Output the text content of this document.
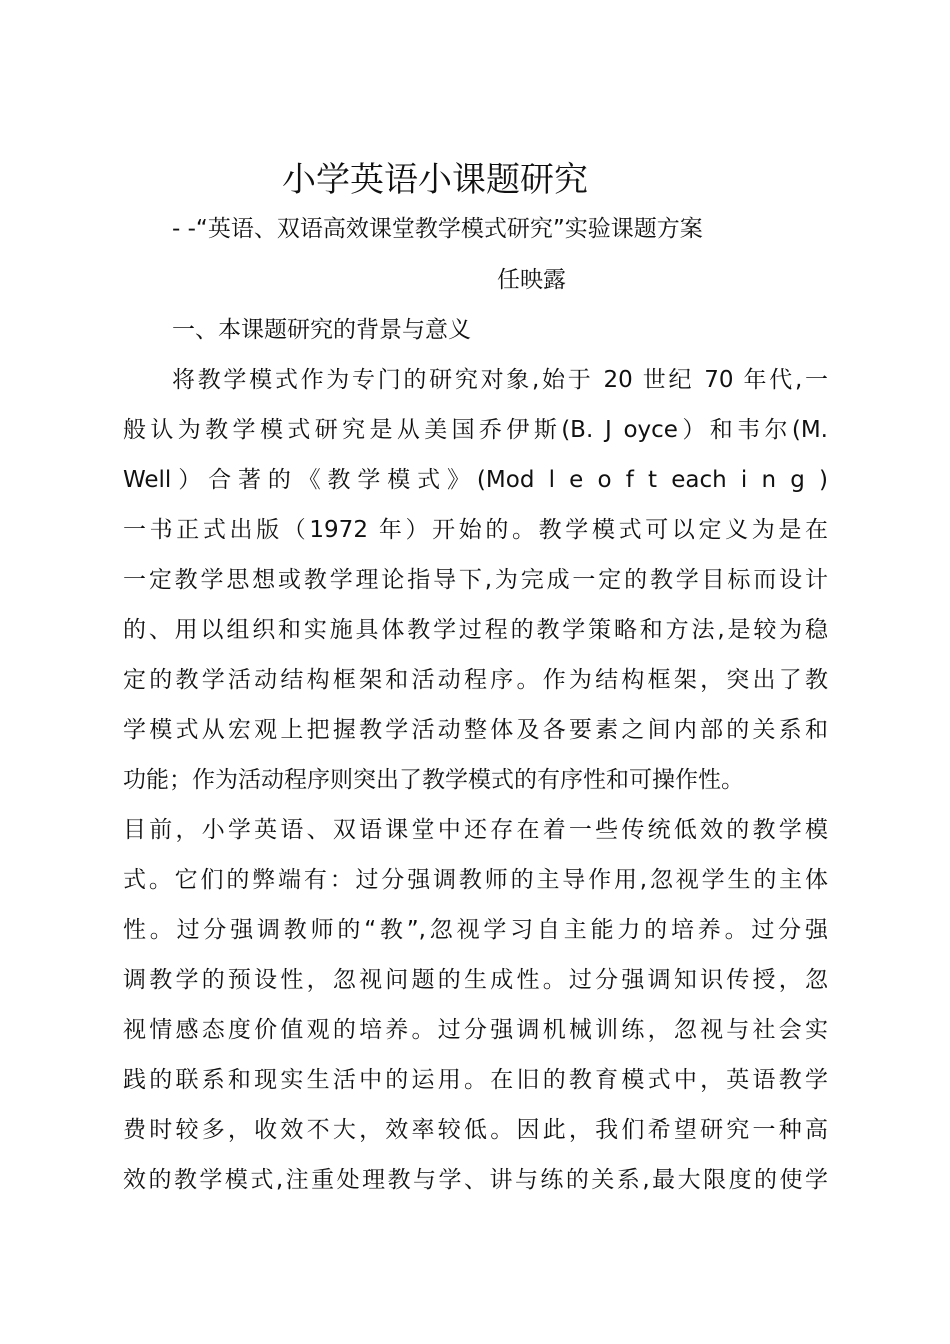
小学英语小课题研究
- -“英语、双语高效课堂教学模式研究”实验课题方案
任映露
一、本课题研究的背景与意义
将教学模式作为专门的研究对象,始于 20 世纪 70 年代,一
般认为教学模式研究是从美国乔伊斯(B. J oyce）和韦尔(M.
Well）合著的《教学模式》(Mod l e o f t each i n g )
一书正式出版（1972 年）开始的。教学模式可以定义为是在
一定教学思想或教学理论指导下,为完成一定的教学目标而设计
的、用以组织和实施具体教学过程的教学策略和方法,是较为稳
定的教学活动结构框架和活动程序。作为结构框架，突出了教
学模式从宏观上把握教学活动整体及各要素之间内部的关系和
功能；作为活动程序则突出了教学模式的有序性和可操作性。
目前，小学英语、双语课堂中还存在着一些传统低效的教学模
式。它们的弊端有：过分强调教师的主导作用,忽视学生的主体
性。过分强调教师的“教”,忽视学习自主能力的培养。过分强
调教学的预设性，忽视问题的生成性。过分强调知识传授，忽
视情感态度价值观的培养。过分强调机械训练，忽视与社会实
践的联系和现实生活中的运用。在旧的教育模式中，英语教学
费时较多，收效不大，效率较低。因此，我们希望研究一种高
效的教学模式,注重处理教与学、讲与练的关系,最大限度的使学
